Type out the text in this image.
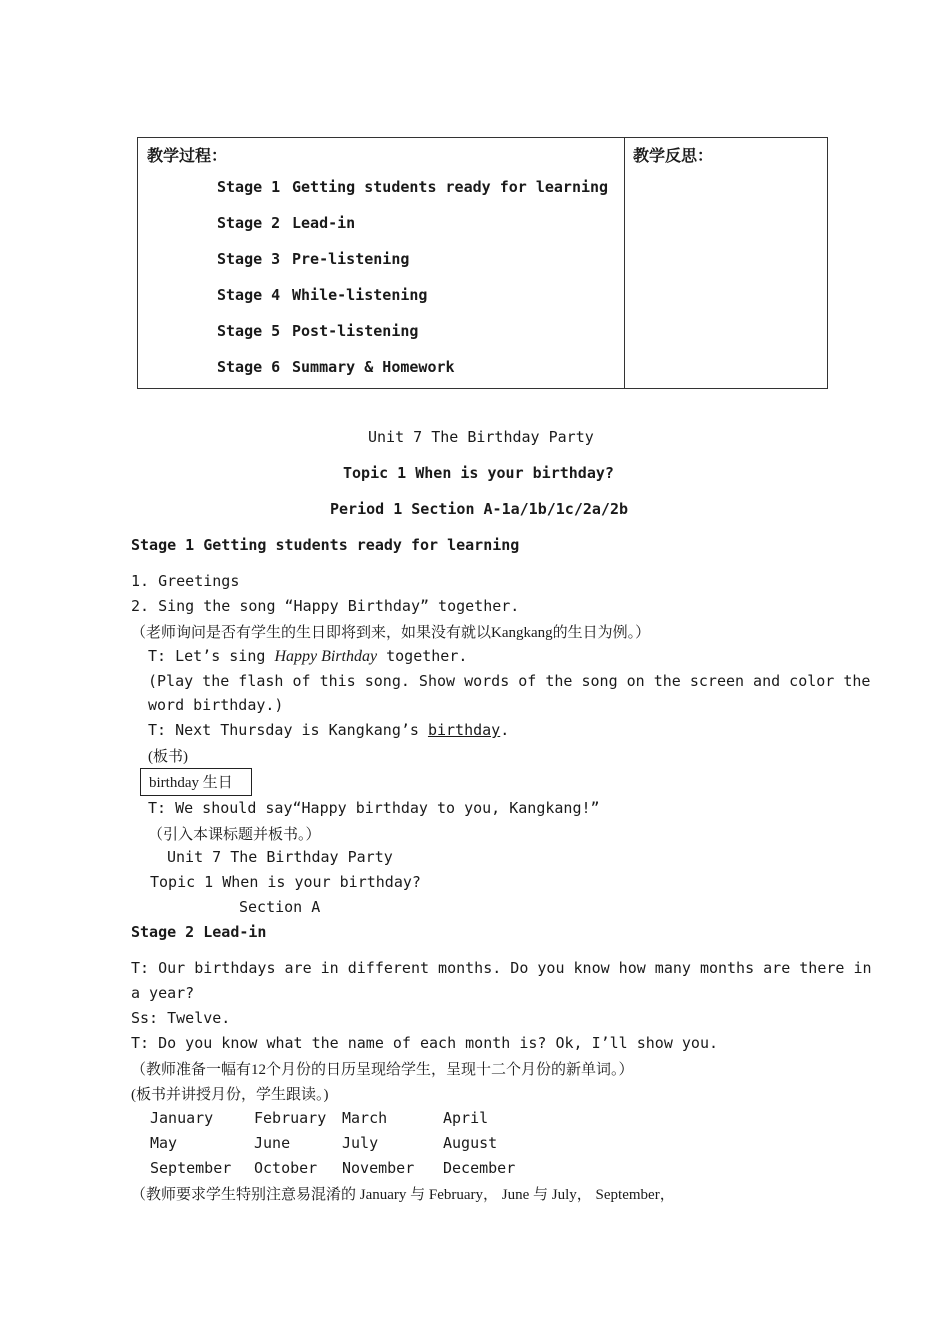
教学过程：	教学反思：
Stage 1 Getting students ready for learning
Stage 2 Lead-in
Stage 3 Pre-listening
Stage 4 While-listening
Stage 5 Post-listening
Stage 6 Summary & Homework
Unit 7 The Birthday Party
Topic 1 When is your birthday?
Period 1 Section A-1a/1b/1c/2a/2b
Stage 1 Getting students ready for learning
1. Greetings
2. Sing the song “Happy Birthday” together.
（老师询问是否有学生的生日即将到来，如果没有就以Kangkang的生日为例。）
T: Let’s sing Happy Birthday together.
(Play the flash of this song. Show words of the song on the screen and color the
word birthday.)
T: Next Thursday is Kangkang’s birthday.
(板书)
birthday 生日
T: We should say“Happy birthday to you, Kangkang!”
（引入本课标题并板书。）
Unit 7 The Birthday Party
Topic 1 When is your birthday?
Section A
Stage 2 Lead-in
T: Our birthdays are in different months. Do you know how many months are there in
a year?
Ss: Twelve.
T: Do you know what the name of each month is? Ok, I’ll show you.
（教师准备一幅有12个月份的日历呈现给学生，呈现十二个月份的新单词。）
(板书并讲授月份，学生跟读。)
January	February March	April
May	June	July	August
September October November December
（教师要求学生特别注意易混淆的 January 与 February， June 与 July， September，
